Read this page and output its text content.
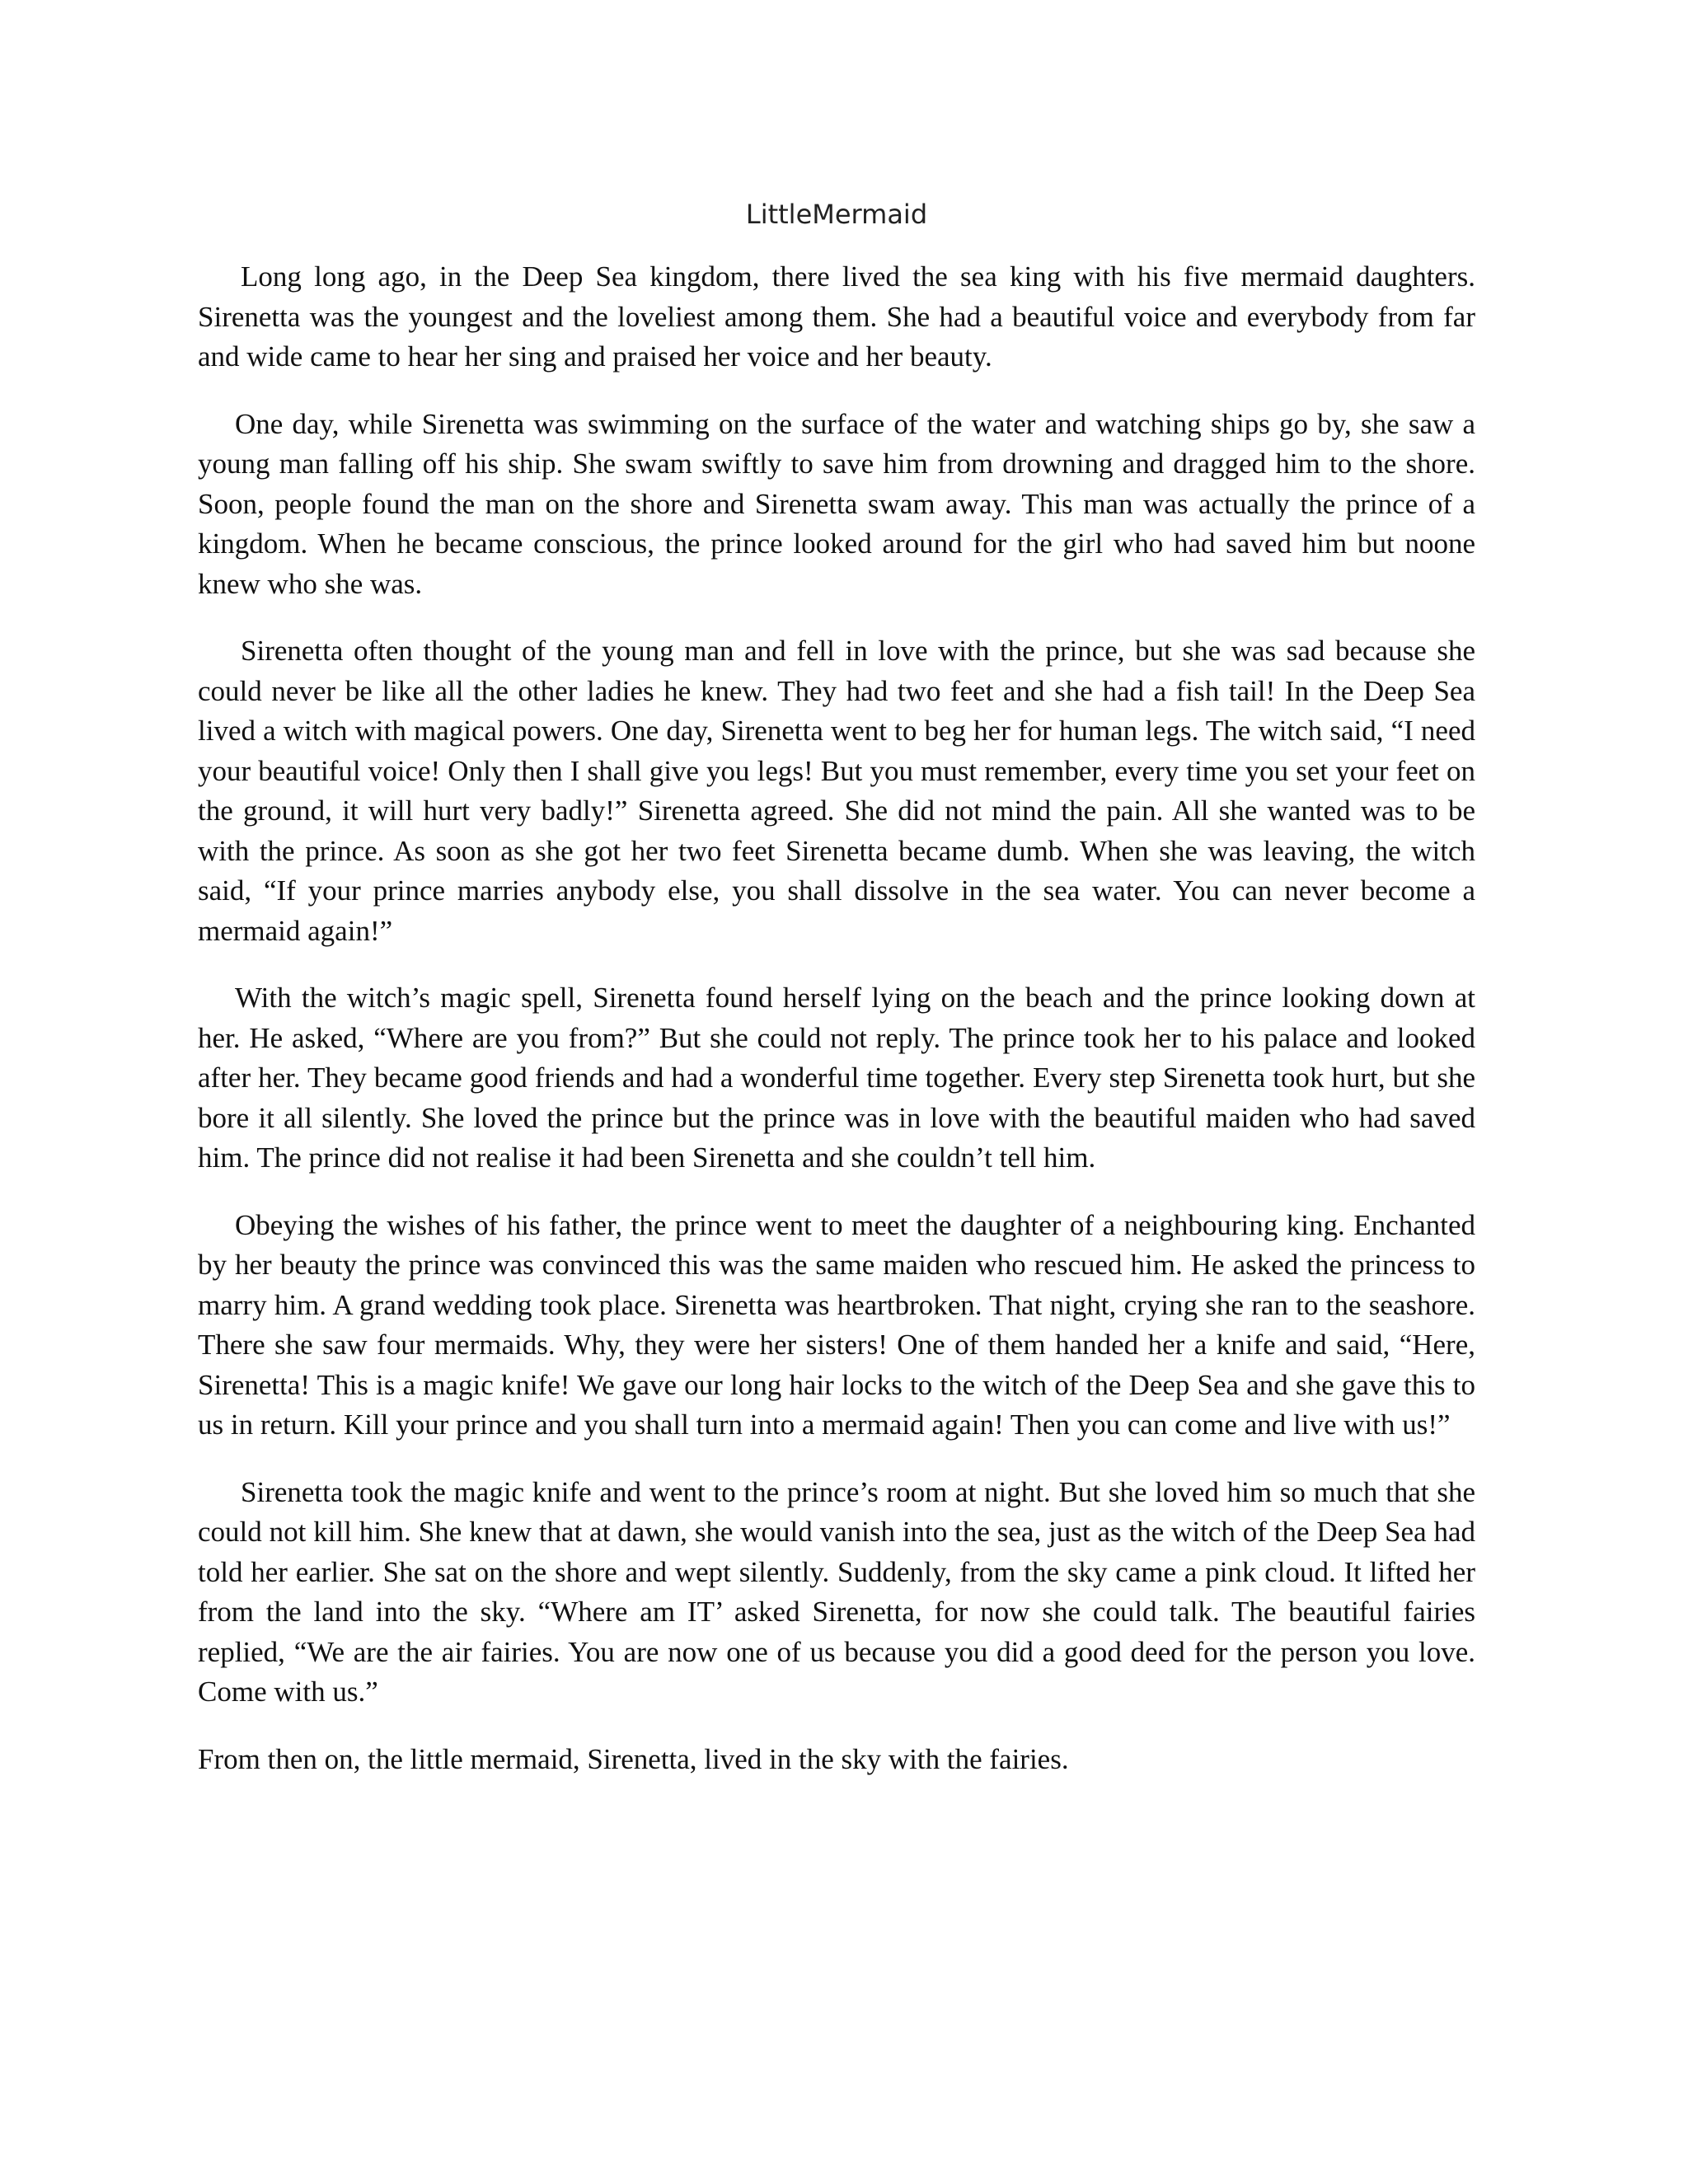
LittleMermaid

Long long ago, in the Deep Sea kingdom, there lived the sea king with his five mermaid daughters. Sirenetta was the youngest and the loveliest among them. She had a beautiful voice and everybody from far and wide came to hear her sing and praised her voice and her beauty.

One day, while Sirenetta was swimming on the surface of the water and watching ships go by, she saw a young man falling off his ship. She swam swiftly to save him from drowning and dragged him to the shore. Soon, people found the man on the shore and Sirenetta swam away. This man was actually the prince of a kingdom. When he became conscious, the prince looked around for the girl who had saved him but noone knew who she was.

Sirenetta often thought of the young man and fell in love with the prince, but she was sad because she could never be like all the other ladies he knew. They had two feet and she had a fish tail! In the Deep Sea lived a witch with magical powers. One day, Sirenetta went to beg her for human legs. The witch said, “I need your beautiful voice! Only then I shall give you legs! But you must remember, every time you set your feet on the ground, it will hurt very badly!” Sirenetta agreed. She did not mind the pain. All she wanted was to be with the prince. As soon as she got her two feet Sirenetta became dumb. When she was leaving, the witch said, “If your prince marries anybody else, you shall dissolve in the sea water. You can never become a mermaid again!”

With the witch’s magic spell, Sirenetta found herself lying on the beach and the prince looking down at her. He asked, “Where are you from?” But she could not reply. The prince took her to his palace and looked after her. They became good friends and had a wonderful time together. Every step Sirenetta took hurt, but she bore it all silently. She loved the prince but the prince was in love with the beautiful maiden who had saved him. The prince did not realise it had been Sirenetta and she couldn’t tell him.

Obeying the wishes of his father, the prince went to meet the daughter of a neighbouring king. Enchanted by her beauty the prince was convinced this was the same maiden who rescued him. He asked the princess to marry him. A grand wedding took place. Sirenetta was heartbroken. That night, crying she ran to the seashore. There she saw four mermaids. Why, they were her sisters! One of them handed her a knife and said, “Here, Sirenetta! This is a magic knife! We gave our long hair locks to the witch of the Deep Sea and she gave this to us in return. Kill your prince and you shall turn into a mermaid again! Then you can come and live with us!”

Sirenetta took the magic knife and went to the prince’s room at night. But she loved him so much that she could not kill him. She knew that at dawn, she would vanish into the sea, just as the witch of the Deep Sea had told her earlier. She sat on the shore and wept silently. Suddenly, from the sky came a pink cloud. It lifted her from the land into the sky. “Where am IT’ asked Sirenetta, for now she could talk. The beautiful fairies replied, “We are the air fairies. You are now one of us because you did a good deed for the person you love. Come with us.”

From then on, the little mermaid, Sirenetta, lived in the sky with the fairies.
